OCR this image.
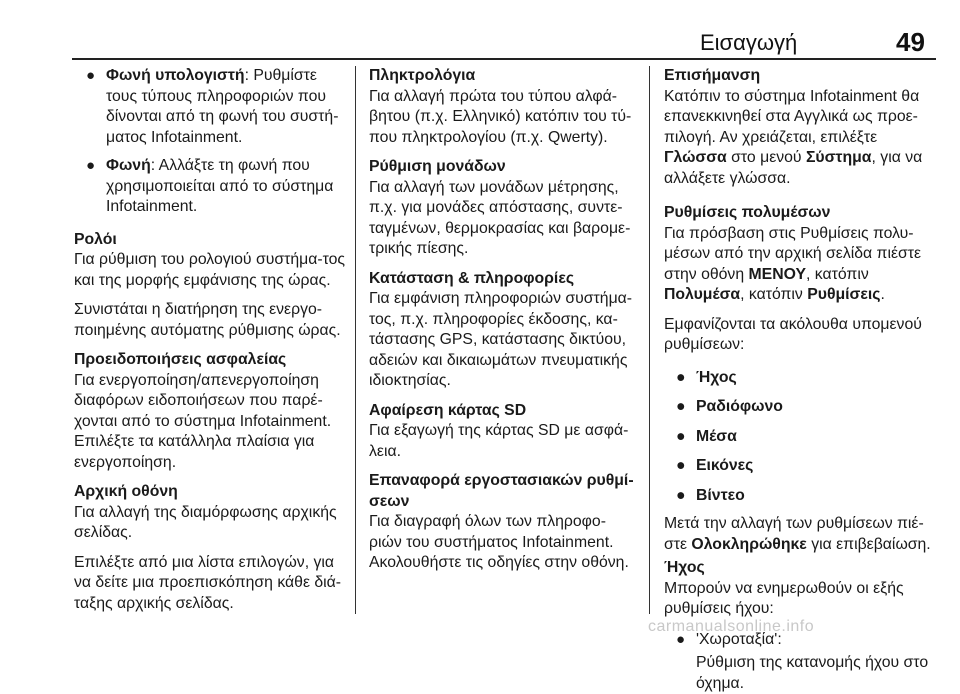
Εισαγωγή	49
● Φωνή υπολογιστή: Ρυθμίστε τους τύπους πληροφοριών που δίνονται από τη φωνή του συστή-ματος Infotainment.
● Φωνή: Αλλάξτε τη φωνή που χρησιμοποιείται από το σύστημα Infotainment.
Ρολόι
Για ρύθμιση του ρολογιού συστήμα-τος και της μορφής εμφάνισης της ώρας.
Συνιστάται η διατήρηση της ενεργο-ποιημένης αυτόματης ρύθμισης ώρας.
Προειδοποιήσεις ασφαλείας
Για ενεργοποίηση/απενεργοποίηση διαφόρων ειδοποιήσεων που παρέ-χονται από το σύστημα Infotainment. Επιλέξτε τα κατάλληλα πλαίσια για ενεργοποίηση.
Αρχική οθόνη
Για αλλαγή της διαμόρφωσης αρχικής σελίδας.
Επιλέξτε από μια λίστα επιλογών, για να δείτε μια προεπισκόπηση κάθε διά-ταξης αρχικής σελίδας.
Πληκτρολόγια
Για αλλαγή πρώτα του τύπου αλφά-βητου (π.χ. Ελληνικό) κατόπιν του τύ-που πληκτρολογίου (π.χ. Qwerty).
Ρύθμιση μονάδων
Για αλλαγή των μονάδων μέτρησης, π.χ. για μονάδες απόστασης, συντε-ταγμένων, θερμοκρασίας και βαρομε-τρικής πίεσης.
Κατάσταση & πληροφορίες
Για εμφάνιση πληροφοριών συστήμα-τος, π.χ. πληροφορίες έκδοσης, κα-τάστασης GPS, κατάστασης δικτύου, αδειών και δικαιωμάτων πνευματικής ιδιοκτησίας.
Αφαίρεση κάρτας SD
Για εξαγωγή της κάρτας SD με ασφά-λεια.
Επαναφορά εργοστασιακών ρυθμί-σεων
Για διαγραφή όλων των πληροφο-ριών του συστήματος Infotainment. Ακολουθήστε τις οδηγίες στην οθόνη.
Επισήμανση
Κατόπιν το σύστημα Infotainment θα επανεκκινηθεί στα Αγγλικά ως προε-πιλογή. Αν χρειάζεται, επιλέξτε Γλώσσα στο μενού Σύστημα, για να αλλάξετε γλώσσα.
Ρυθμίσεις πολυμέσων
Για πρόσβαση στις Ρυθμίσεις πολυ-μέσων από την αρχική σελίδα πιέστε στην οθόνη ΜΕΝΟΥ, κατόπιν Πολυμέσα, κατόπιν Ρυθμίσεις.
Εμφανίζονται τα ακόλουθα υπομενού ρυθμίσεων:
● Ήχος
● Ραδιόφωνο
● Μέσα
● Εικόνες
● Βίντεο
Μετά την αλλαγή των ρυθμίσεων πιέ-στε Ολοκληρώθηκε για επιβεβαίωση.
Ήχος
Μπορούν να ενημερωθούν οι εξής ρυθμίσεις ήχου:
● 'Χωροταξία':
Ρύθμιση της κατανομής ήχου στο όχημα.
carmanualsonline.info
